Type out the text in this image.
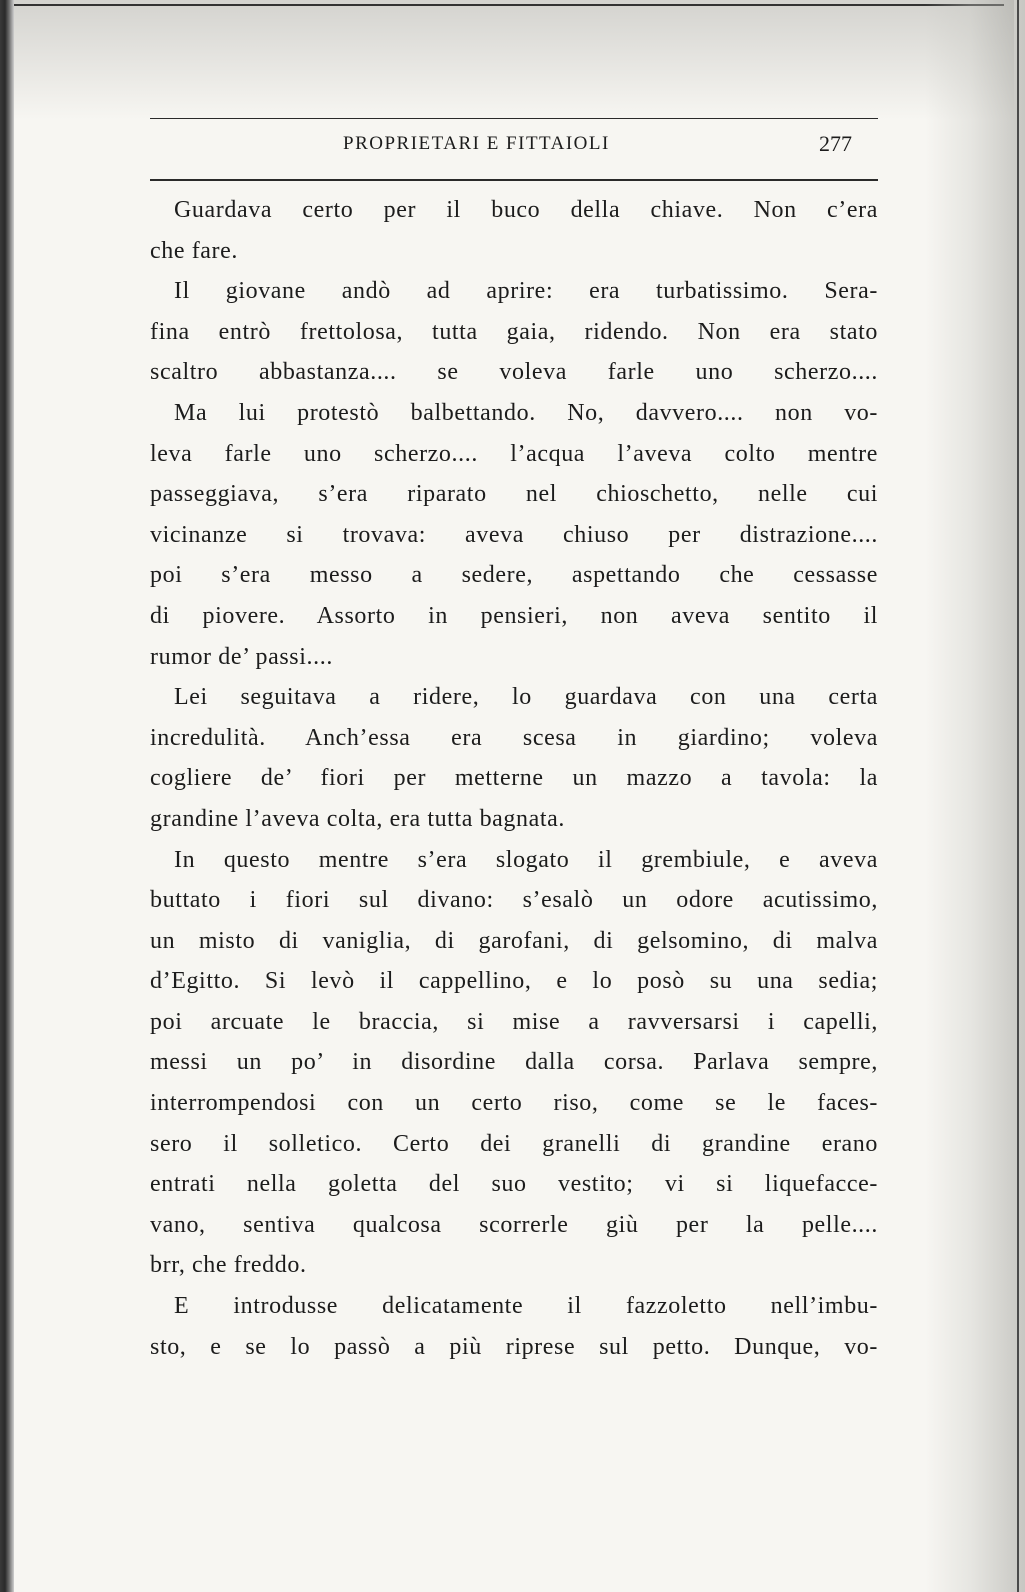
PROPRIETARI E FITTAIOLI	277
Guardava certo per il buco della chiave. Non c’era
che fare.
Il giovane andò ad aprire: era turbatissimo. Sera-
fina entrò frettolosa, tutta gaia, ridendo. Non era stato
scaltro abbastanza.... se voleva farle uno scherzo....
Ma lui protestò balbettando. No, davvero.... non vo-
leva farle uno scherzo.... l’acqua l’aveva colto mentre
passeggiava, s’era riparato nel chioschetto, nelle cui
vicinanze si trovava: aveva chiuso per distrazione....
poi s’era messo a sedere, aspettando che cessasse
di piovere. Assorto in pensieri, non aveva sentito il
rumor de’ passi....
Lei seguitava a ridere, lo guardava con una certa
incredulità. Anch’essa era scesa in giardino; voleva
cogliere de’ fiori per metterne un mazzo a tavola: la
grandine l’aveva colta, era tutta bagnata.
In questo mentre s’era slogato il grembiule, e aveva
buttato i fiori sul divano: s’esalò un odore acutissimo,
un misto di vaniglia, di garofani, di gelsomino, di malva
d’Egitto. Si levò il cappellino, e lo posò su una sedia;
poi arcuate le braccia, si mise a ravversarsi i capelli,
messi un po’ in disordine dalla corsa. Parlava sempre,
interrompendosi con un certo riso, come se le faces-
sero il solletico. Certo dei granelli di grandine erano
entrati nella goletta del suo vestito; vi si liquefacce-
vano, sentiva qualcosa scorrerle giù per la pelle....
brr, che freddo.
E introdusse delicatamente il fazzoletto nell’imbu-
sto, e se lo passò a più riprese sul petto. Dunque, vo-
